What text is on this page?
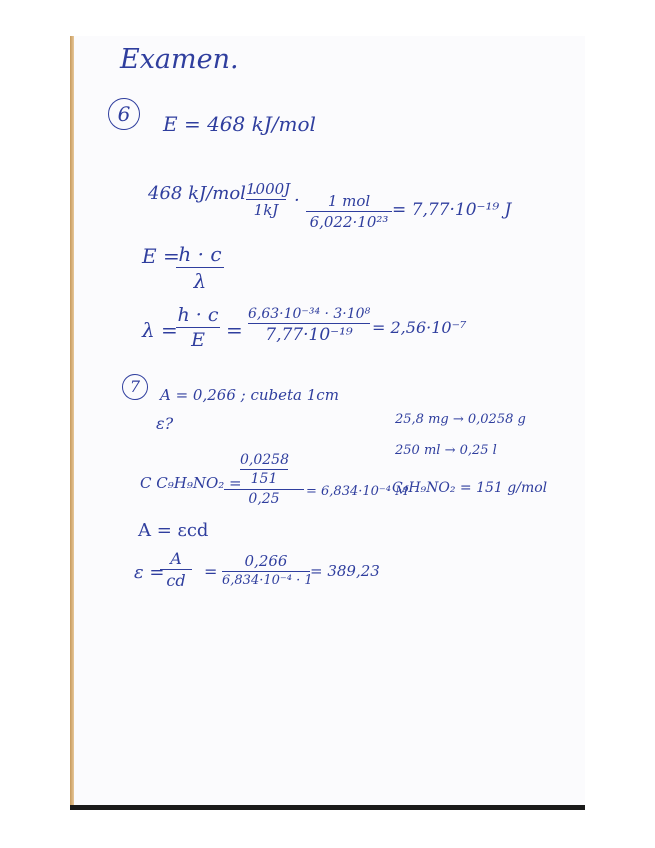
Examen.
6	E = 468 kJ/mol
468 kJ/mol ·
1000J
1kJ ·	1 mol
6,022·10²³
= 7,77·10⁻¹⁹ J
E =
h · c
λ
λ =
h · c
E	=
6,63·10⁻³⁴ · 3·10⁸
7,77·10⁻¹⁹	= 2,56·10⁻⁷
7	A = 0,266 ; cubeta 1cm
ε?	25,8 mg → 0,0258 g
250 ml → 0,25 l
C₉H₉NO₂ = 151 g/mol
C C₉H₉NO₂ =
0,0258
151
0,25	= 6,834·10⁻⁴ M
A = εcd
ε =
A
cd	=
0,266
6,834·10⁻⁴ · 1
= 389,23
